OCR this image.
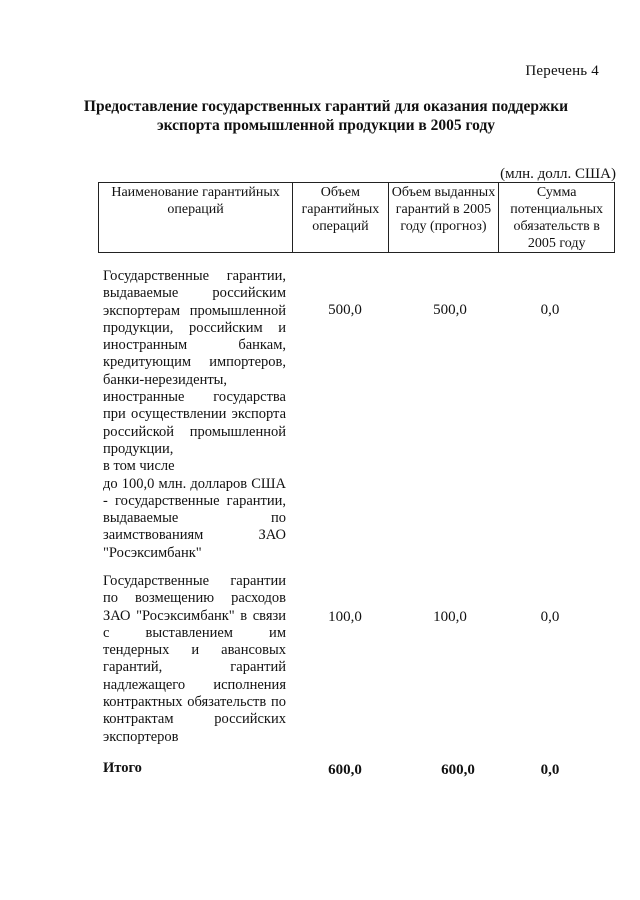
Перечень 4
Предоставление государственных гарантий для оказания поддержки
экспорта промышленной продукции в 2005 году
(млн. долл. США)
Наименование гарантийных операций	Объем гарантийных операций	Объем выданных гарантий в 2005 году (прогноз)	Сумма потенциальных обязательств в 2005 году
Государственные гарантии, выдаваемые российским экспортерам промышленной продукции, российским и иностранным банкам, кредитующим импортеров, банки-нерезиденты, иностранные государства при осуществлении экспорта российской промышленной продукции,
в том числе
до 100,0 млн. долларов США - государственные гарантии, выдаваемые по заимствованиям ЗАО "Росэксимбанк"
500,0	500,0	0,0
Государственные гарантии по возмещению расходов ЗАО "Росэксимбанк" в связи с выставлением им тендерных и авансовых гарантий, гарантий надлежащего исполнения контрактных обязательств по контрактам российских экспортеров
100,0	100,0	0,0
Итого	600,0	600,0	0,0
